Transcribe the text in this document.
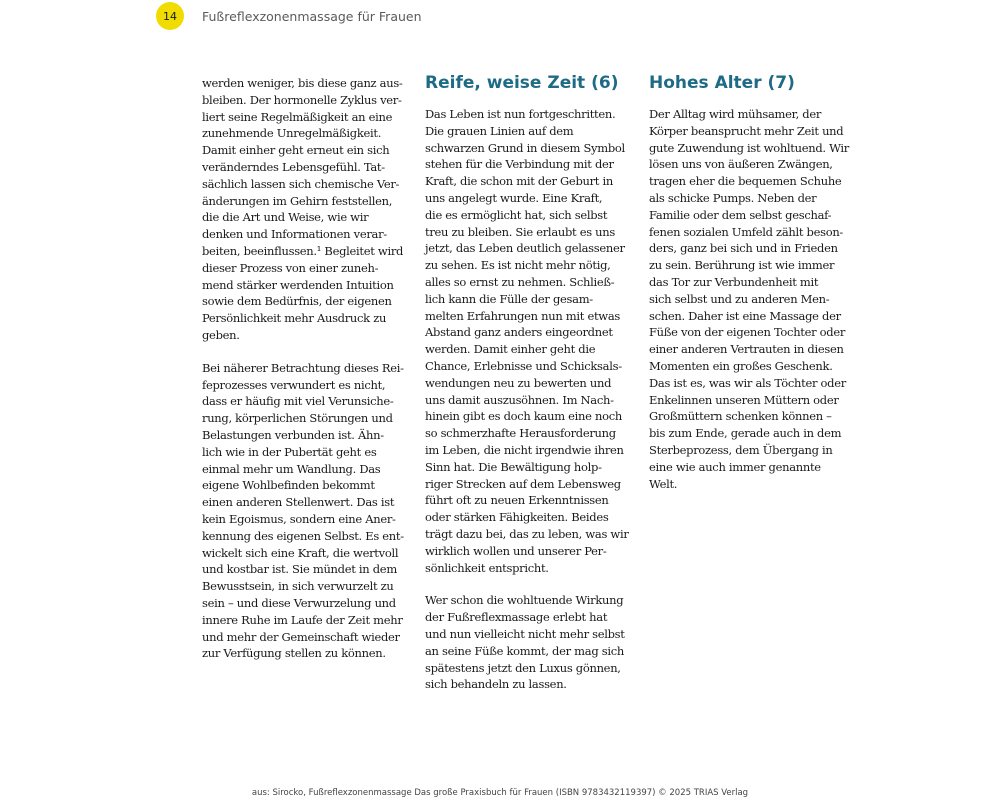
14	Fußreflexzonenmassage für Frauen
werden weniger, bis diese ganz aus-
bleiben. Der hormonelle Zyklus ver-
liert seine Regelmäßigkeit an eine
zunehmende Unregelmäßigkeit.
Damit einher geht erneut ein sich
veränderndes Lebensgefühl. Tat-
sächlich lassen sich chemische Ver-
änderungen im Gehirn feststellen,
die die Art und Weise, wie wir
denken und Informationen verar-
beiten, beeinflussen.¹ Begleitet wird
dieser Prozess von einer zuneh-
mend stärker werdenden Intuition
sowie dem Bedürfnis, der eigenen
Persönlichkeit mehr Ausdruck zu
geben.
Bei näherer Betrachtung dieses Rei-
feprozesses verwundert es nicht,
dass er häufig mit viel Verunsiche-
rung, körperlichen Störungen und
Belastungen verbunden ist. Ähn-
lich wie in der Pubertät geht es
einmal mehr um Wandlung. Das
eigene Wohlbefinden bekommt
einen anderen Stellenwert. Das ist
kein Egoismus, sondern eine Aner-
kennung des eigenen Selbst. Es ent-
wickelt sich eine Kraft, die wertvoll
und kostbar ist. Sie mündet in dem
Bewusstsein, in sich verwurzelt zu
sein – und diese Verwurzelung und
innere Ruhe im Laufe der Zeit mehr
und mehr der Gemeinschaft wieder
zur Verfügung stellen zu können.
Reife, weise Zeit (6)
Das Leben ist nun fortgeschritten.
Die grauen Linien auf dem
schwarzen Grund in diesem Symbol
stehen für die Verbindung mit der
Kraft, die schon mit der Geburt in
uns angelegt wurde. Eine Kraft,
die es ermöglicht hat, sich selbst
treu zu bleiben. Sie erlaubt es uns
jetzt, das Leben deutlich gelassener
zu sehen. Es ist nicht mehr nötig,
alles so ernst zu nehmen. Schließ-
lich kann die Fülle der gesam-
melten Erfahrungen nun mit etwas
Abstand ganz anders eingeordnet
werden. Damit einher geht die
Chance, Erlebnisse und Schicksals-
wendungen neu zu bewerten und
uns damit auszusöhnen. Im Nach-
hinein gibt es doch kaum eine noch
so schmerzhafte Herausforderung
im Leben, die nicht irgendwie ihren
Sinn hat. Die Bewältigung holp-
riger Strecken auf dem Lebensweg
führt oft zu neuen Erkenntnissen
oder stärken Fähigkeiten. Beides
trägt dazu bei, das zu leben, was wir
wirklich wollen und unserer Per-
sönlichkeit entspricht.
Wer schon die wohltuende Wirkung
der Fußreflexmassage erlebt hat
und nun vielleicht nicht mehr selbst
an seine Füße kommt, der mag sich
spätestens jetzt den Luxus gönnen,
sich behandeln zu lassen.
Hohes Alter (7)
Der Alltag wird mühsamer, der
Körper beansprucht mehr Zeit und
gute Zuwendung ist wohltuend. Wir
lösen uns von äußeren Zwängen,
tragen eher die bequemen Schuhe
als schicke Pumps. Neben der
Familie oder dem selbst geschaf-
fenen sozialen Umfeld zählt beson-
ders, ganz bei sich und in Frieden
zu sein. Berührung ist wie immer
das Tor zur Verbundenheit mit
sich selbst und zu anderen Men-
schen. Daher ist eine Massage der
Füße von der eigenen Tochter oder
einer anderen Vertrauten in diesen
Momenten ein großes Geschenk.
Das ist es, was wir als Töchter oder
Enkelinnen unseren Müttern oder
Großmüttern schenken können –
bis zum Ende, gerade auch in dem
Sterbeprozess, dem Übergang in
eine wie auch immer genannte
Welt.
aus: Sirocko, Fußreflexzonenmassage Das große Praxisbuch für Frauen (ISBN 9783432119397) © 2025 TRIAS Verlag
